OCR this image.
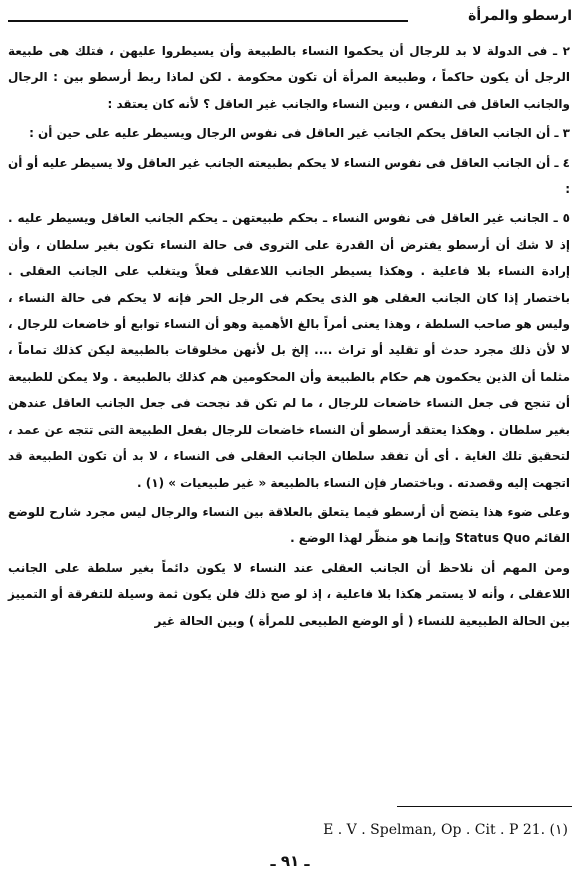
ارسطو والمرأة

٢ ـ فى الدولة لا بد للرجال أن يحكموا النساء بالطبيعة وأن يسيطروا عليهن ، فتلك هى طبيعة الرجل أن يكون حاكماً ، وطبيعة المرأة أن تكون محكومة . لكن لماذا ربط أرسطو بين : الرجال والجانب العاقل فى النفس ، وبين النساء والجانب غير العاقل ؟ لأنه كان يعتقد :

٣ ـ أن الجانب العاقل يحكم الجانب غير العاقل فى نفوس الرجال ويسيطر عليه على حين أن :

٤ ـ أن الجانب العاقل فى نفوس النساء لا يحكم بطبيعته الجانب غير العاقل ولا يسيطر عليه أو أن :

٥ ـ الجانب غير العاقل فى نفوس النساء ـ بحكم طبيعتهن ـ يحكم الجانب العاقل ويسيطر عليه . إذ لا شك أن أرسطو يفترض أن القدرة على التروى فى حالة النساء تكون بغير سلطان ، وأن إرادة النساء بلا فاعلية . وهكذا يسيطر الجانب اللاعقلى فعلاً ويتغلب على الجانب العقلى . باختصار إذا كان الجانب العقلى هو الذى يحكم فى الرجل الحر فإنه لا يحكم فى حالة النساء ، وليس هو صاحب السلطة ، وهذا يعنى أمراً بالغ الأهمية وهو أن النساء توابع أو خاضعات للرجال ، لا لأن ذلك مجرد حدث أو تقليد أو تراث .... إلخ بل لأنهن مخلوقات بالطبيعة ليكن كذلك تماماً ، مثلما أن الذين يحكمون هم حكام بالطبيعة وأن المحكومين هم كذلك بالطبيعة . ولا يمكن للطبيعة أن تنجح فى جعل النساء خاضعات للرجال ، ما لم تكن قد نجحت فى جعل الجانب العاقل عندهن بغير سلطان . وهكذا يعتقد أرسطو أن النساء خاضعات للرجال بفعل الطبيعة التى تتجه عن عمد ، لتحقيق تلك الغاية . أى أن تفقد سلطان الجانب العقلى فى النساء ، لا بد أن تكون الطبيعة قد اتجهت إليه وقصدته . وباختصار فإن النساء بالطبيعة « غير طبيعيات » (١) .

وعلى ضوء هذا يتضح أن أرسطو فيما يتعلق بالعلاقة بين النساء والرجال ليس مجرد شارح للوضع القائم Status Quo وإنما هو منظّر لهذا الوضع .

ومن المهم أن نلاحظ أن الجانب العقلى عند النساء لا يكون دائماً بغير سلطة على الجانب اللاعقلى ، وأنه لا يستمر هكذا بلا فاعلية ، إذ لو صح ذلك فلن يكون ثمة وسيلة للتفرقة أو التمييز بين الحالة الطبيعية للنساء ( أو الوضع الطبيعى للمرأة ) وبين الحالة غير

E . V . Spelman, Op . Cit . P 21. (١)
ـ ٩١ ـ
